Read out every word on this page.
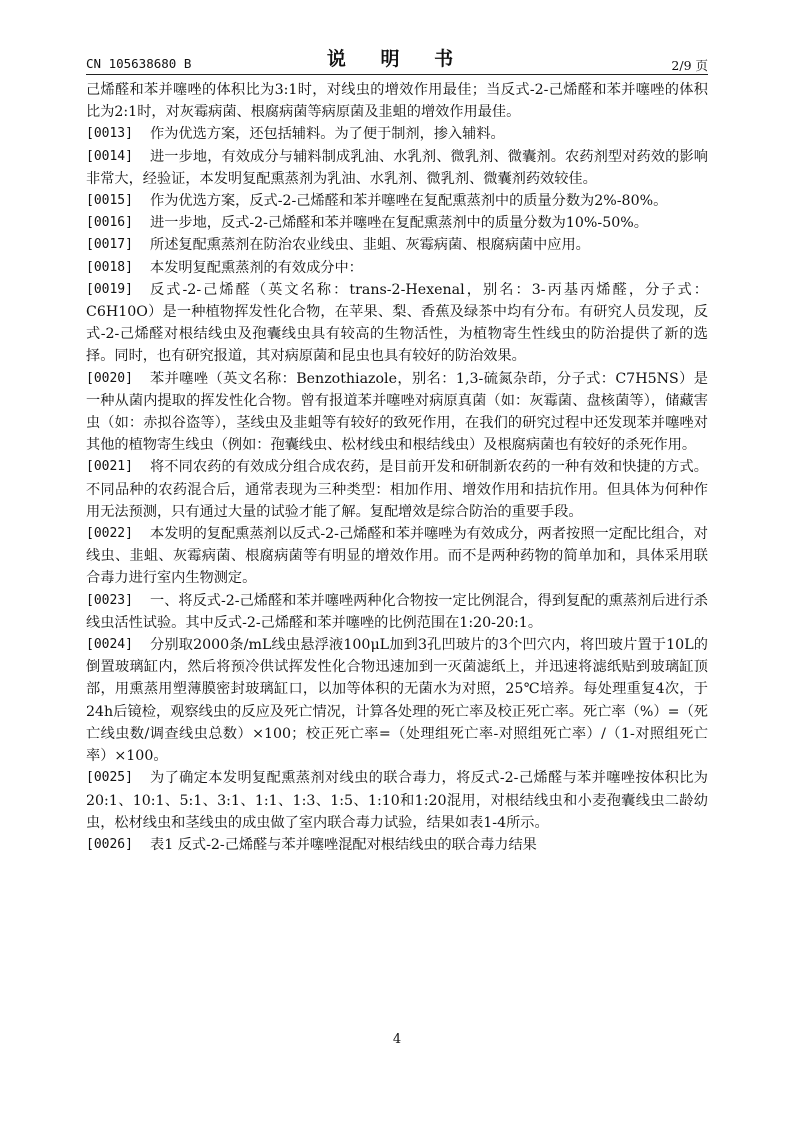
CN 105638680 B	说 明 书	2/9 页

己烯醛和苯并噻唑的体积比为3:1时，对线虫的增效作用最佳；当反式-2-己烯醛和苯并噻唑的体积比为2:1时，对灰霉病菌、根腐病菌等病原菌及韭蛆的增效作用最佳。

[0013]	作为优选方案，还包括辅料。为了便于制剂，掺入辅料。

[0014]	进一步地，有效成分与辅料制成乳油、水乳剂、微乳剂、微囊剂。农药剂型对药效的影响非常大，经验证，本发明复配熏蒸剂为乳油、水乳剂、微乳剂、微囊剂药效较佳。

[0015]	作为优选方案，反式-2-己烯醛和苯并噻唑在复配熏蒸剂中的质量分数为2%-80%。

[0016]	进一步地，反式-2-己烯醛和苯并噻唑在复配熏蒸剂中的质量分数为10%-50%。

[0017]	所述复配熏蒸剂在防治农业线虫、韭蛆、灰霉病菌、根腐病菌中应用。

[0018]	本发明复配熏蒸剂的有效成分中：

[0019]	反式-2-己烯醛（英文名称：trans-2-Hexenal，别名：3-丙基丙烯醛，分子式：C6H10O）是一种植物挥发性化合物，在苹果、梨、香蕉及绿茶中均有分布。有研究人员发现，反式-2-己烯醛对根结线虫及孢囊线虫具有较高的生物活性，为植物寄生性线虫的防治提供了新的选择。同时，也有研究报道，其对病原菌和昆虫也具有较好的防治效果。

[0020]	苯并噻唑（英文名称：Benzothiazole，别名：1,3-硫氮杂茚，分子式：C7H5NS）是一种从菌内提取的挥发性化合物。曾有报道苯并噻唑对病原真菌（如：灰霉菌、盘核菌等），储藏害虫（如：赤拟谷盗等），茎线虫及韭蛆等有较好的致死作用，在我们的研究过程中还发现苯并噻唑对其他的植物寄生线虫（例如：孢囊线虫、松材线虫和根结线虫）及根腐病菌也有较好的杀死作用。

[0021]	将不同农药的有效成分组合成农药，是目前开发和研制新农药的一种有效和快捷的方式。不同品种的农药混合后，通常表现为三种类型：相加作用、增效作用和拮抗作用。但具体为何种作用无法预测，只有通过大量的试验才能了解。复配增效是综合防治的重要手段。

[0022]	本发明的复配熏蒸剂以反式-2-己烯醛和苯并噻唑为有效成分，两者按照一定配比组合，对线虫、韭蛆、灰霉病菌、根腐病菌等有明显的增效作用。而不是两种药物的简单加和，具体采用联合毒力进行室内生物测定。

[0023]	一、将反式-2-己烯醛和苯并噻唑两种化合物按一定比例混合，得到复配的熏蒸剂后进行杀线虫活性试验。其中反式-2-己烯醛和苯并噻唑的比例范围在1:20-20:1。

[0024]	分别取2000条/mL线虫悬浮液100μL加到3孔凹玻片的3个凹穴内，将凹玻片置于10L的倒置玻璃缸内，然后将预冷供试挥发性化合物迅速加到一灭菌滤纸上，并迅速将滤纸贴到玻璃缸顶部，用熏蒸用塑薄膜密封玻璃缸口，以加等体积的无菌水为对照，25℃培养。每处理重复4次，于24h后镜检，观察线虫的反应及死亡情况，计算各处理的死亡率及校正死亡率。死亡率（%）=（死亡线虫数/调查线虫总数）×100；校正死亡率=（处理组死亡率-对照组死亡率）/（1-对照组死亡率）×100。

[0025]	为了确定本发明复配熏蒸剂对线虫的联合毒力，将反式-2-己烯醛与苯并噻唑按体积比为20:1、10:1、5:1、3:1、1:1、1:3、1:5、1:10和1:20混用，对根结线虫和小麦孢囊线虫二龄幼虫，松材线虫和茎线虫的成虫做了室内联合毒力试验，结果如表1-4所示。

[0026]	表1 反式-2-己烯醛与苯并噻唑混配对根结线虫的联合毒力结果

4
